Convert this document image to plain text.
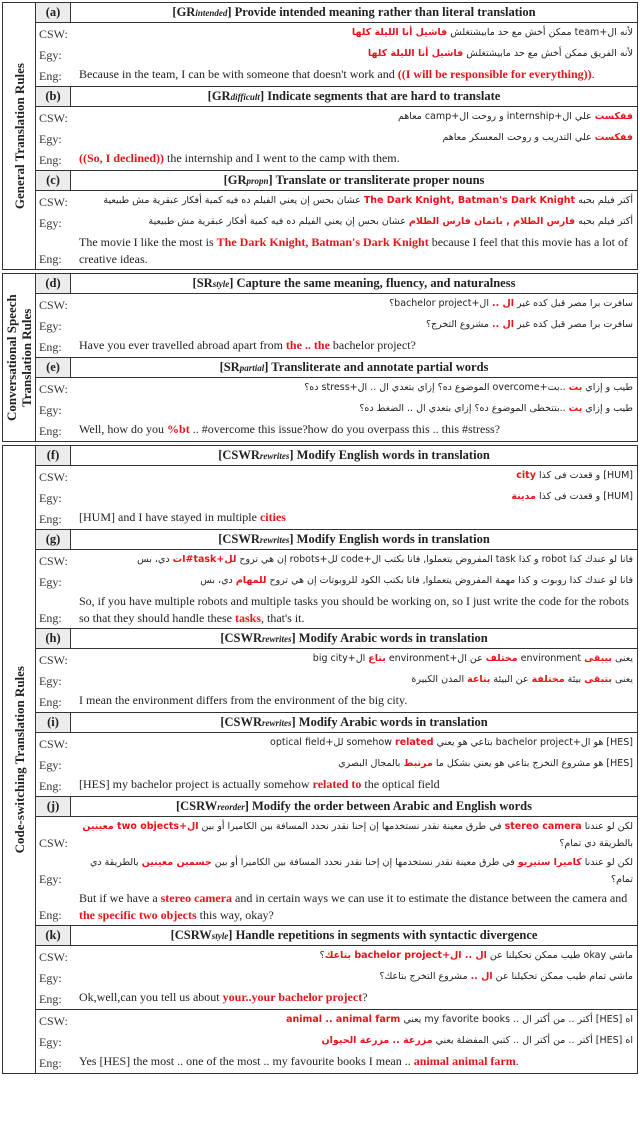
General Translation Rules
(a)	[GRintended] Provide intended meaning rather than literal translation
CSW:	لأنه ال+team ممكن أخش مع حد مابيشتغلش فاشيل أنا الليلة كلها
Egy:	لأنه الفريق ممكن أخش مع حد مابيشتغلش فاشيل أنا الليلة كلها
Eng:	Because in the team, I can be with someone that doesn't work and ((I will be responsible for everything)).
(b)	[GRdifficult] Indicate segments that are hard to translate
CSW:	ففكست علي ال+internship و روحت ال+camp معاهم
Egy:	ففكست علي التدريب و روحت المعسكر معاهم
Eng:	((So, I declined)) the internship and I went to the camp with them.
(c)	[GRpropn] Translate or transliterate proper nouns
CSW:	أكتر فيلم بحبه The Dark Knight, Batman's Dark Knight عشان بحس إن يعني الفيلم ده فيه كمية أفكار عبقرية مش طبيعية
Egy:	أكتر فيلم بحبه فارس الظلام , باتمان فارس الظلام عشان بحس إن يعني الفيلم ده فيه كمية أفكار عبقرية مش طبيعية
Eng:
The movie I like the most is The Dark Knight, Batman's Dark Knight because I feel that this movie has a lot of creative ideas.
Conversational Speech Translation Rules
(d)	[SRstyle] Capture the same meaning, fluency, and naturalness
CSW:	سافرت برا مصر قبل كده غير ال .. ال+bachelor project؟
Egy:	سافرت برا مصر قبل كده غير ال .. مشروع التخرج؟
Eng:	Have you ever travelled abroad apart from the .. the bachelor project?
(e)	[SRpartial] Transliterate and annotate partial words
CSW:	طيب و إزاي بت ..بت+overcome الموضوع ده؟ إزاي بتعدي ال .. ال+stress ده؟
Egy:	طيب و إزاي بت ..بتتخطى الموضوع ده؟ إزاي بتعدي ال .. الضغط ده؟
Eng:	Well, how do you %bt .. #overcome this issue?how do you overpass this .. this #stress?
Code-switching Translation Rules
(f)	[CSWRrewrites] Modify English words in translation
CSW:	[HUM] و قعدت فى كذا city
Egy:	[HUM] و قعدت فى كذا مدينة
Eng:	[HUM] and I have stayed in multiple cities
(g)	[CSWRrewrites] Modify English words in translation
CSW:	فانا لو عندك كذا robot و كذا task المفروض يتعملوا, فانا بكتب ال+code لل+robots إن هي تروح لل+task#ات دي، بس
Egy:	فانا لو عندك كذا روبوت و كذا مهمة المفروض يتعملوا, فانا بكتب الكود للروبوتات إن هي تروح للمهام دي، بس
Eng:
So, if you have multiple robots and multiple tasks you should be working on, so I just write the code for the robots so that they should handle these tasks, that's it.
(h)	[CSWRrewrites] Modify Arabic words in translation
CSW:	يعنى بيبقى environment مختلف عن ال+environment بتاع ال+big city
Egy:	يعنى بتبقى بيئة مختلفة عن البيئة بتاعة المدن الكبيرة
Eng:	I mean the environment differs from the environment of the big city.
(i)	[CSWRrewrites] Modify Arabic words in translation
CSW:	[HES] هو ال+bachelor project بتاعي هو يعني somehow related لل+optical field
Egy:	[HES] هو مشروع التخرج بتاعي هو يعني بشكل ما مرتبط بالمجال البصري
Eng:	[HES] my bachelor project is actually somehow related to the optical field
(j)	[CSRWreorder] Modify the order between Arabic and English words
CSW:
لكن لو عندنا stereo camera في طرق معينة نقدر نستخدمها إن إحنا نقدر نحدد المسافة بين الكاميرا أو بين ال+two objects معينين بالطريقة دي تمام؟
Egy:
لكن لو عندنا كاميرا ستيريو في طرق معينة نقدر نستخدمها إن إحنا نقدر نحدد المسافة بين الكاميرا أو بين جسمين معينين بالطريقة دي تمام؟
Eng:
But if we have a stereo camera and in certain ways we can use it to estimate the distance between the camera and the specific two objects this way, okay?
(k)	[CSRWstyle] Handle repetitions in segments with syntactic divergence
CSW:	ماشي okay طيب ممكن تحكيلنا عن ال .. ال+bachelor project بتاعك؟
Egy:	ماشي تمام طيب ممكن تحكيلنا عن ال .. مشروع التخرج بتاعك؟
Eng:	Ok,well,can you tell us about your..your bachelor project?
CSW:	اه [HES] أكتر .. من أكتر ال .. my favorite books يعني animal .. animal farm
Egy:	اه [HES] أكتر .. من أكتر ال .. كتبي المفضلة يعني مزرعة .. مزرعة الحيوان
Eng:	Yes [HES] the most .. one of the most .. my favourite books I mean .. animal animal farm.
